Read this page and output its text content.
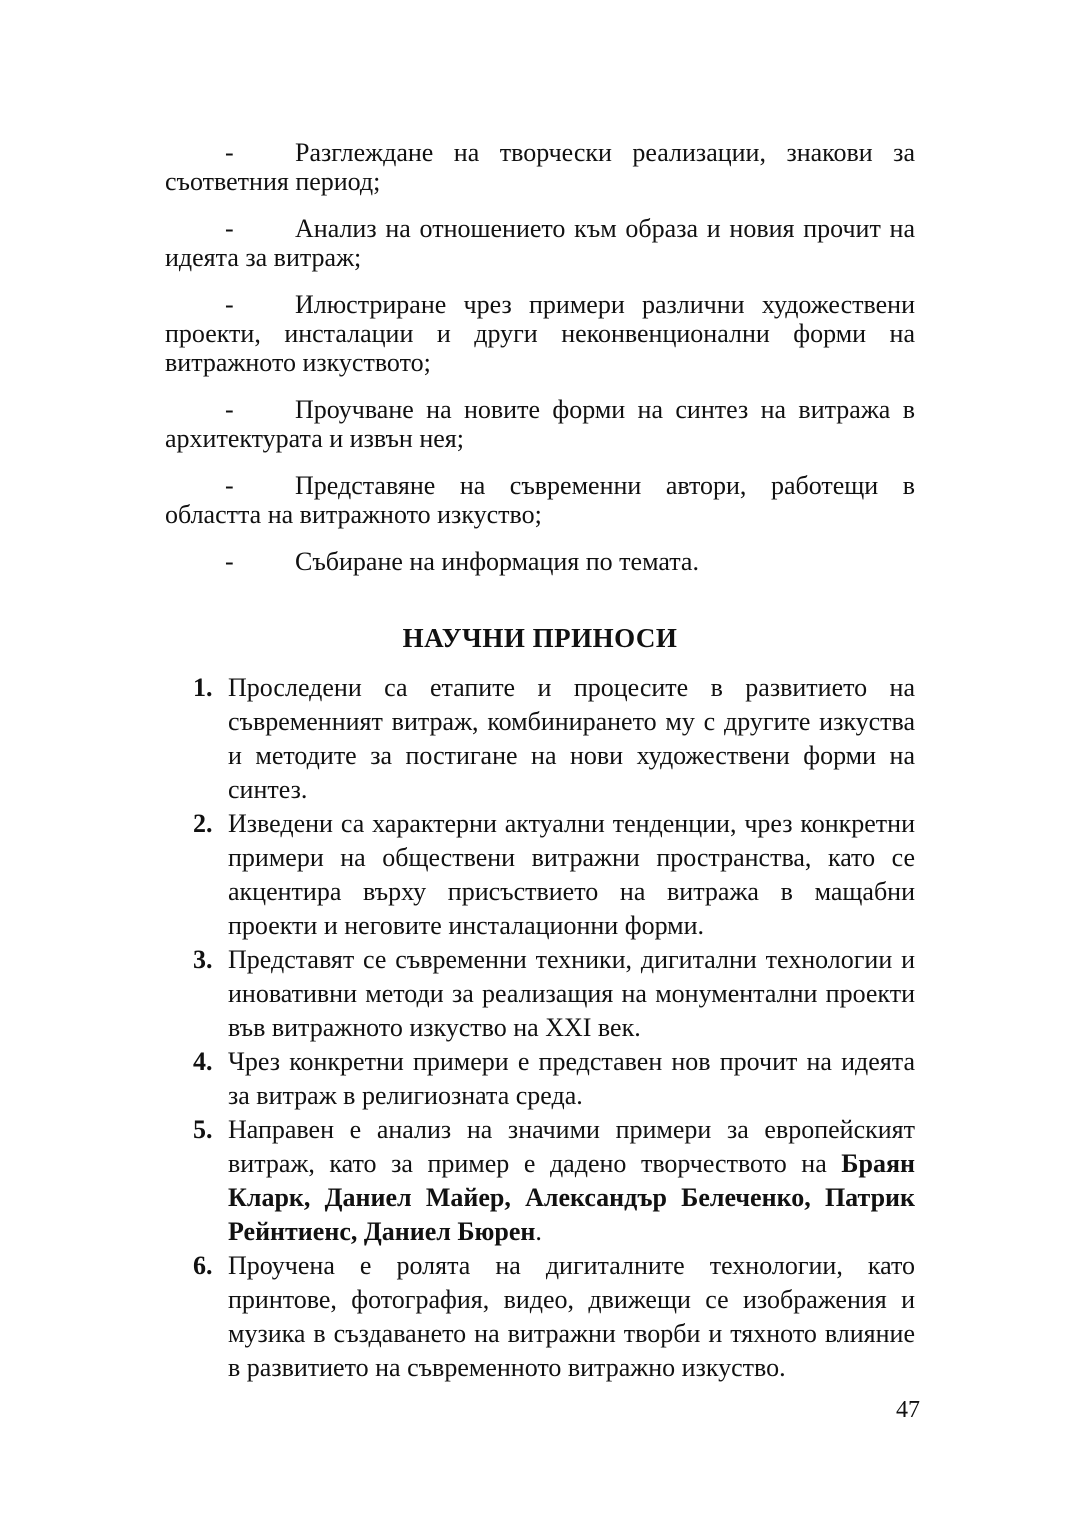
- Разглеждане на творчески реализации, знакови за съответния период;

- Анализ на отношението към образа и новия прочит на идеята за витраж;

- Илюстриране чрез примери различни художествени проекти, инсталации и други неконвенционални форми на витражното изкуството;

- Проучване на новите форми на синтез на витража в архитектурата и извън нея;

- Представяне на съвременни автори, работещи в областта на витражното изкуство;

- Събиране на информация по темата.

НАУЧНИ ПРИНОСИ
1. Проследени са етапите и процесите в развитието на съвременният витраж, комбинирането му с другите изкуства и методите за постигане на нови художествени форми на синтез.
2. Изведени са характерни актуални тенденции, чрез конкретни примери на обществени витражни пространства, като се акцентира върху присъствието на витража в мащабни проекти и неговите инсталационни форми.
3. Представят се съвременни техники, дигитални технологии и иновативни методи за реализащия на монументални проекти във витражното изкуство на XXI век.
4. Чрез конкретни примери е представен нов прочит на идеята за витраж в религиозната среда.
5. Направен е анализ на значими примери за европейският витраж, като за пример е дадено творчеството на Браян Кларк, Даниел Майер, Александър Белеченко, Патрик Рейнтиенс, Даниел Бюрен.
6. Проучена е ролята на дигиталните технологии, като принтове, фотография, видео, движещи се изображения и музика в създаването на витражни творби и тяхното влияние в развитието на съвременното витражно изкуство.
47
